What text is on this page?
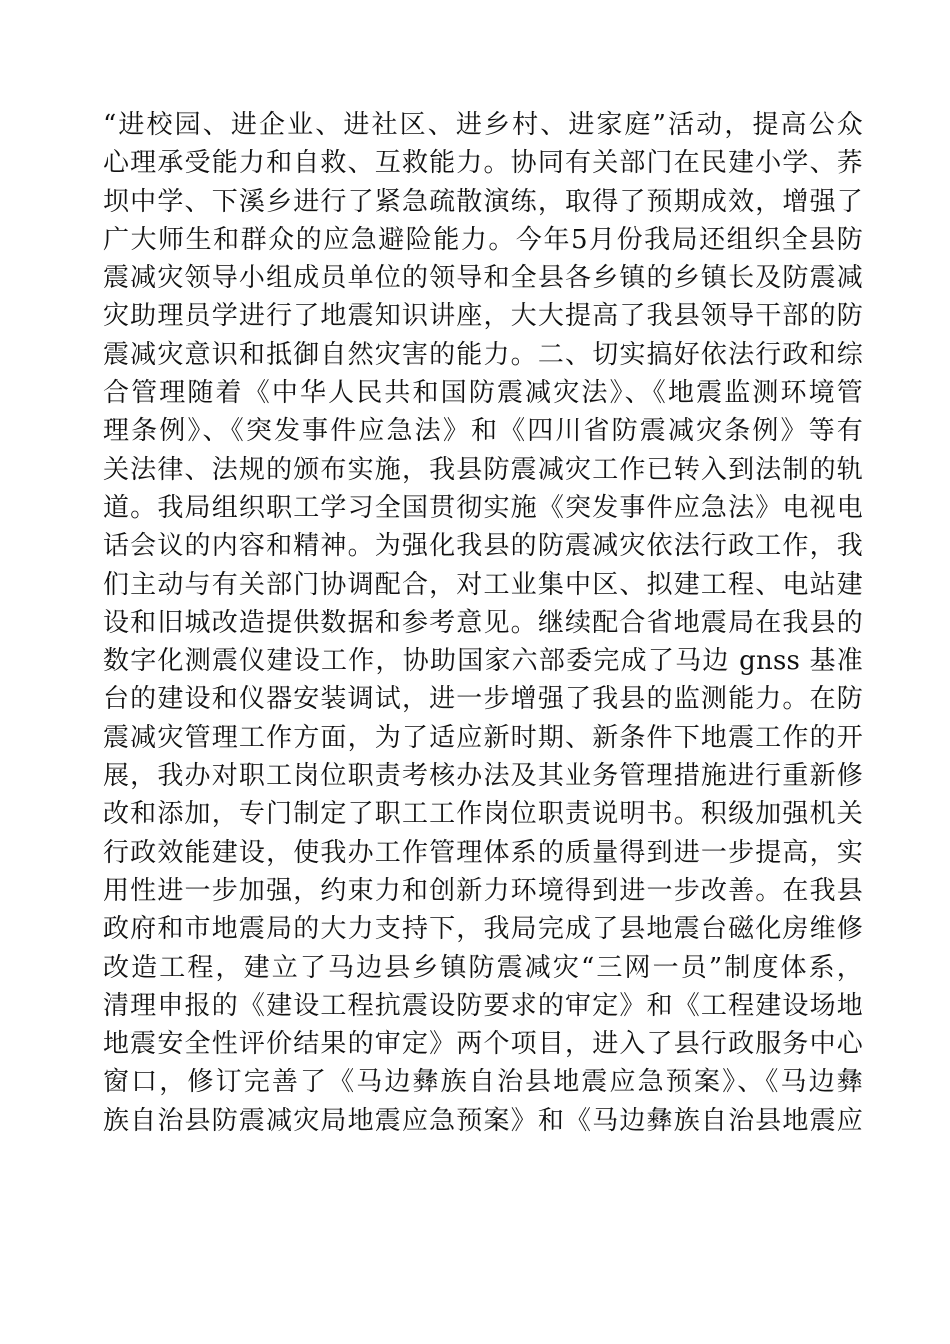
“进校园、进企业、进社区、进乡村、进家庭”活动，提高公众
心理承受能力和自救、互救能力。协同有关部门在民建小学、荞
坝中学、下溪乡进行了紧急疏散演练，取得了预期成效，增强了
广大师生和群众的应急避险能力。今年5月份我局还组织全县防
震减灾领导小组成员单位的领导和全县各乡镇的乡镇长及防震减
灾助理员学进行了地震知识讲座，大大提高了我县领导干部的防
震减灾意识和抵御自然灾害的能力。二、切实搞好依法行政和综
合管理随着《中华人民共和国防震减灾法》、《地震监测环境管
理条例》、《突发事件应急法》和《四川省防震减灾条例》等有
关法律、法规的颁布实施，我县防震减灾工作已转入到法制的轨
道。我局组织职工学习全国贯彻实施《突发事件应急法》电视电
话会议的内容和精神。为强化我县的防震减灾依法行政工作，我
们主动与有关部门协调配合，对工业集中区、拟建工程、电站建
设和旧城改造提供数据和参考意见。继续配合省地震局在我县的
数字化测震仪建设工作，协助国家六部委完成了马边 gnss 基准
台的建设和仪器安装调试，进一步增强了我县的监测能力。在防
震减灾管理工作方面，为了适应新时期、新条件下地震工作的开
展，我办对职工岗位职责考核办法及其业务管理措施进行重新修
改和添加，专门制定了职工工作岗位职责说明书。积级加强机关
行政效能建设，使我办工作管理体系的质量得到进一步提高，实
用性进一步加强，约束力和创新力环境得到进一步改善。在我县
政府和市地震局的大力支持下，我局完成了县地震台磁化房维修
改造工程，建立了马边县乡镇防震减灾“三网一员”制度体系，
清理申报的《建设工程抗震设防要求的审定》和《工程建设场地
地震安全性评价结果的审定》两个项目，进入了县行政服务中心
窗口，修订完善了《马边彝族自治县地震应急预案》、《马边彝
族自治县防震减灾局地震应急预案》和《马边彝族自治县地震应
